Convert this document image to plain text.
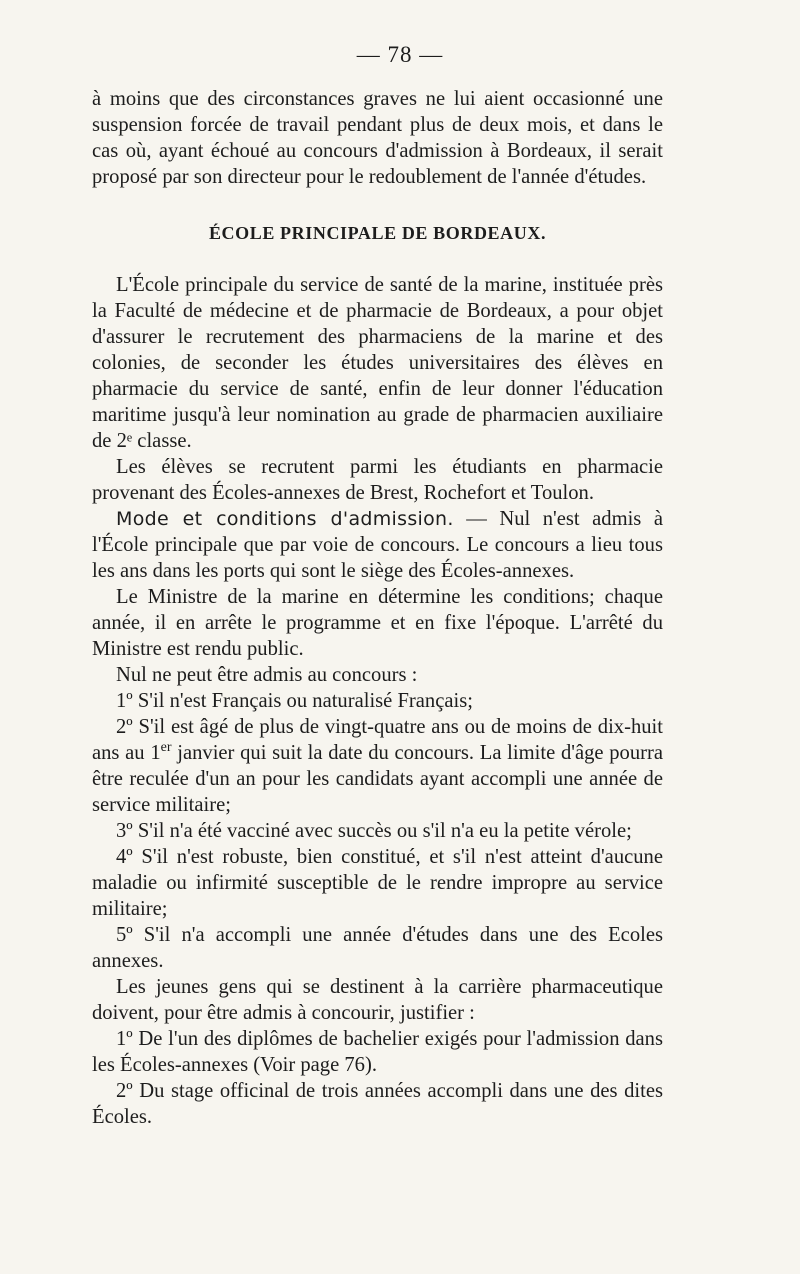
— 78 —

à moins que des circonstances graves ne lui aient occasionné une suspension forcée de travail pendant plus de deux mois, et dans le cas où, ayant échoué au concours d'admission à Bordeaux, il serait proposé par son directeur pour le redoublement de l'année d'études.

ÉCOLE PRINCIPALE DE BORDEAUX.

L'École principale du service de santé de la marine, instituée près la Faculté de médecine et de pharmacie de Bordeaux, a pour objet d'assurer le recrutement des pharmaciens de la marine et des colonies, de seconder les études universitaires des élèves en pharmacie du service de santé, enfin de leur donner l'éducation maritime jusqu'à leur nomination au grade de pharmacien auxiliaire de 2ᵉ classe.

Les élèves se recrutent parmi les étudiants en pharmacie provenant des Écoles-annexes de Brest, Rochefort et Toulon.

Mode et conditions d'admission. — Nul n'est admis à l'École principale que par voie de concours. Le concours a lieu tous les ans dans les ports qui sont le siège des Écoles-annexes.

Le Ministre de la marine en détermine les conditions; chaque année, il en arrête le programme et en fixe l'époque. L'arrêté du Ministre est rendu public.

Nul ne peut être admis au concours :

1º S'il n'est Français ou naturalisé Français;

2º S'il est âgé de plus de vingt-quatre ans ou de moins de dix-huit ans au 1er janvier qui suit la date du concours. La limite d'âge pourra être reculée d'un an pour les candidats ayant accompli une année de service militaire;

3º S'il n'a été vacciné avec succès ou s'il n'a eu la petite vérole;

4º S'il n'est robuste, bien constitué, et s'il n'est atteint d'aucune maladie ou infirmité susceptible de le rendre impropre au service militaire;

5º S'il n'a accompli une année d'études dans une des Ecoles annexes.

Les jeunes gens qui se destinent à la carrière pharmaceutique doivent, pour être admis à concourir, justifier :

1º De l'un des diplômes de bachelier exigés pour l'admission dans les Écoles-annexes (Voir page 76).

2º Du stage officinal de trois années accompli dans une des dites Écoles.
